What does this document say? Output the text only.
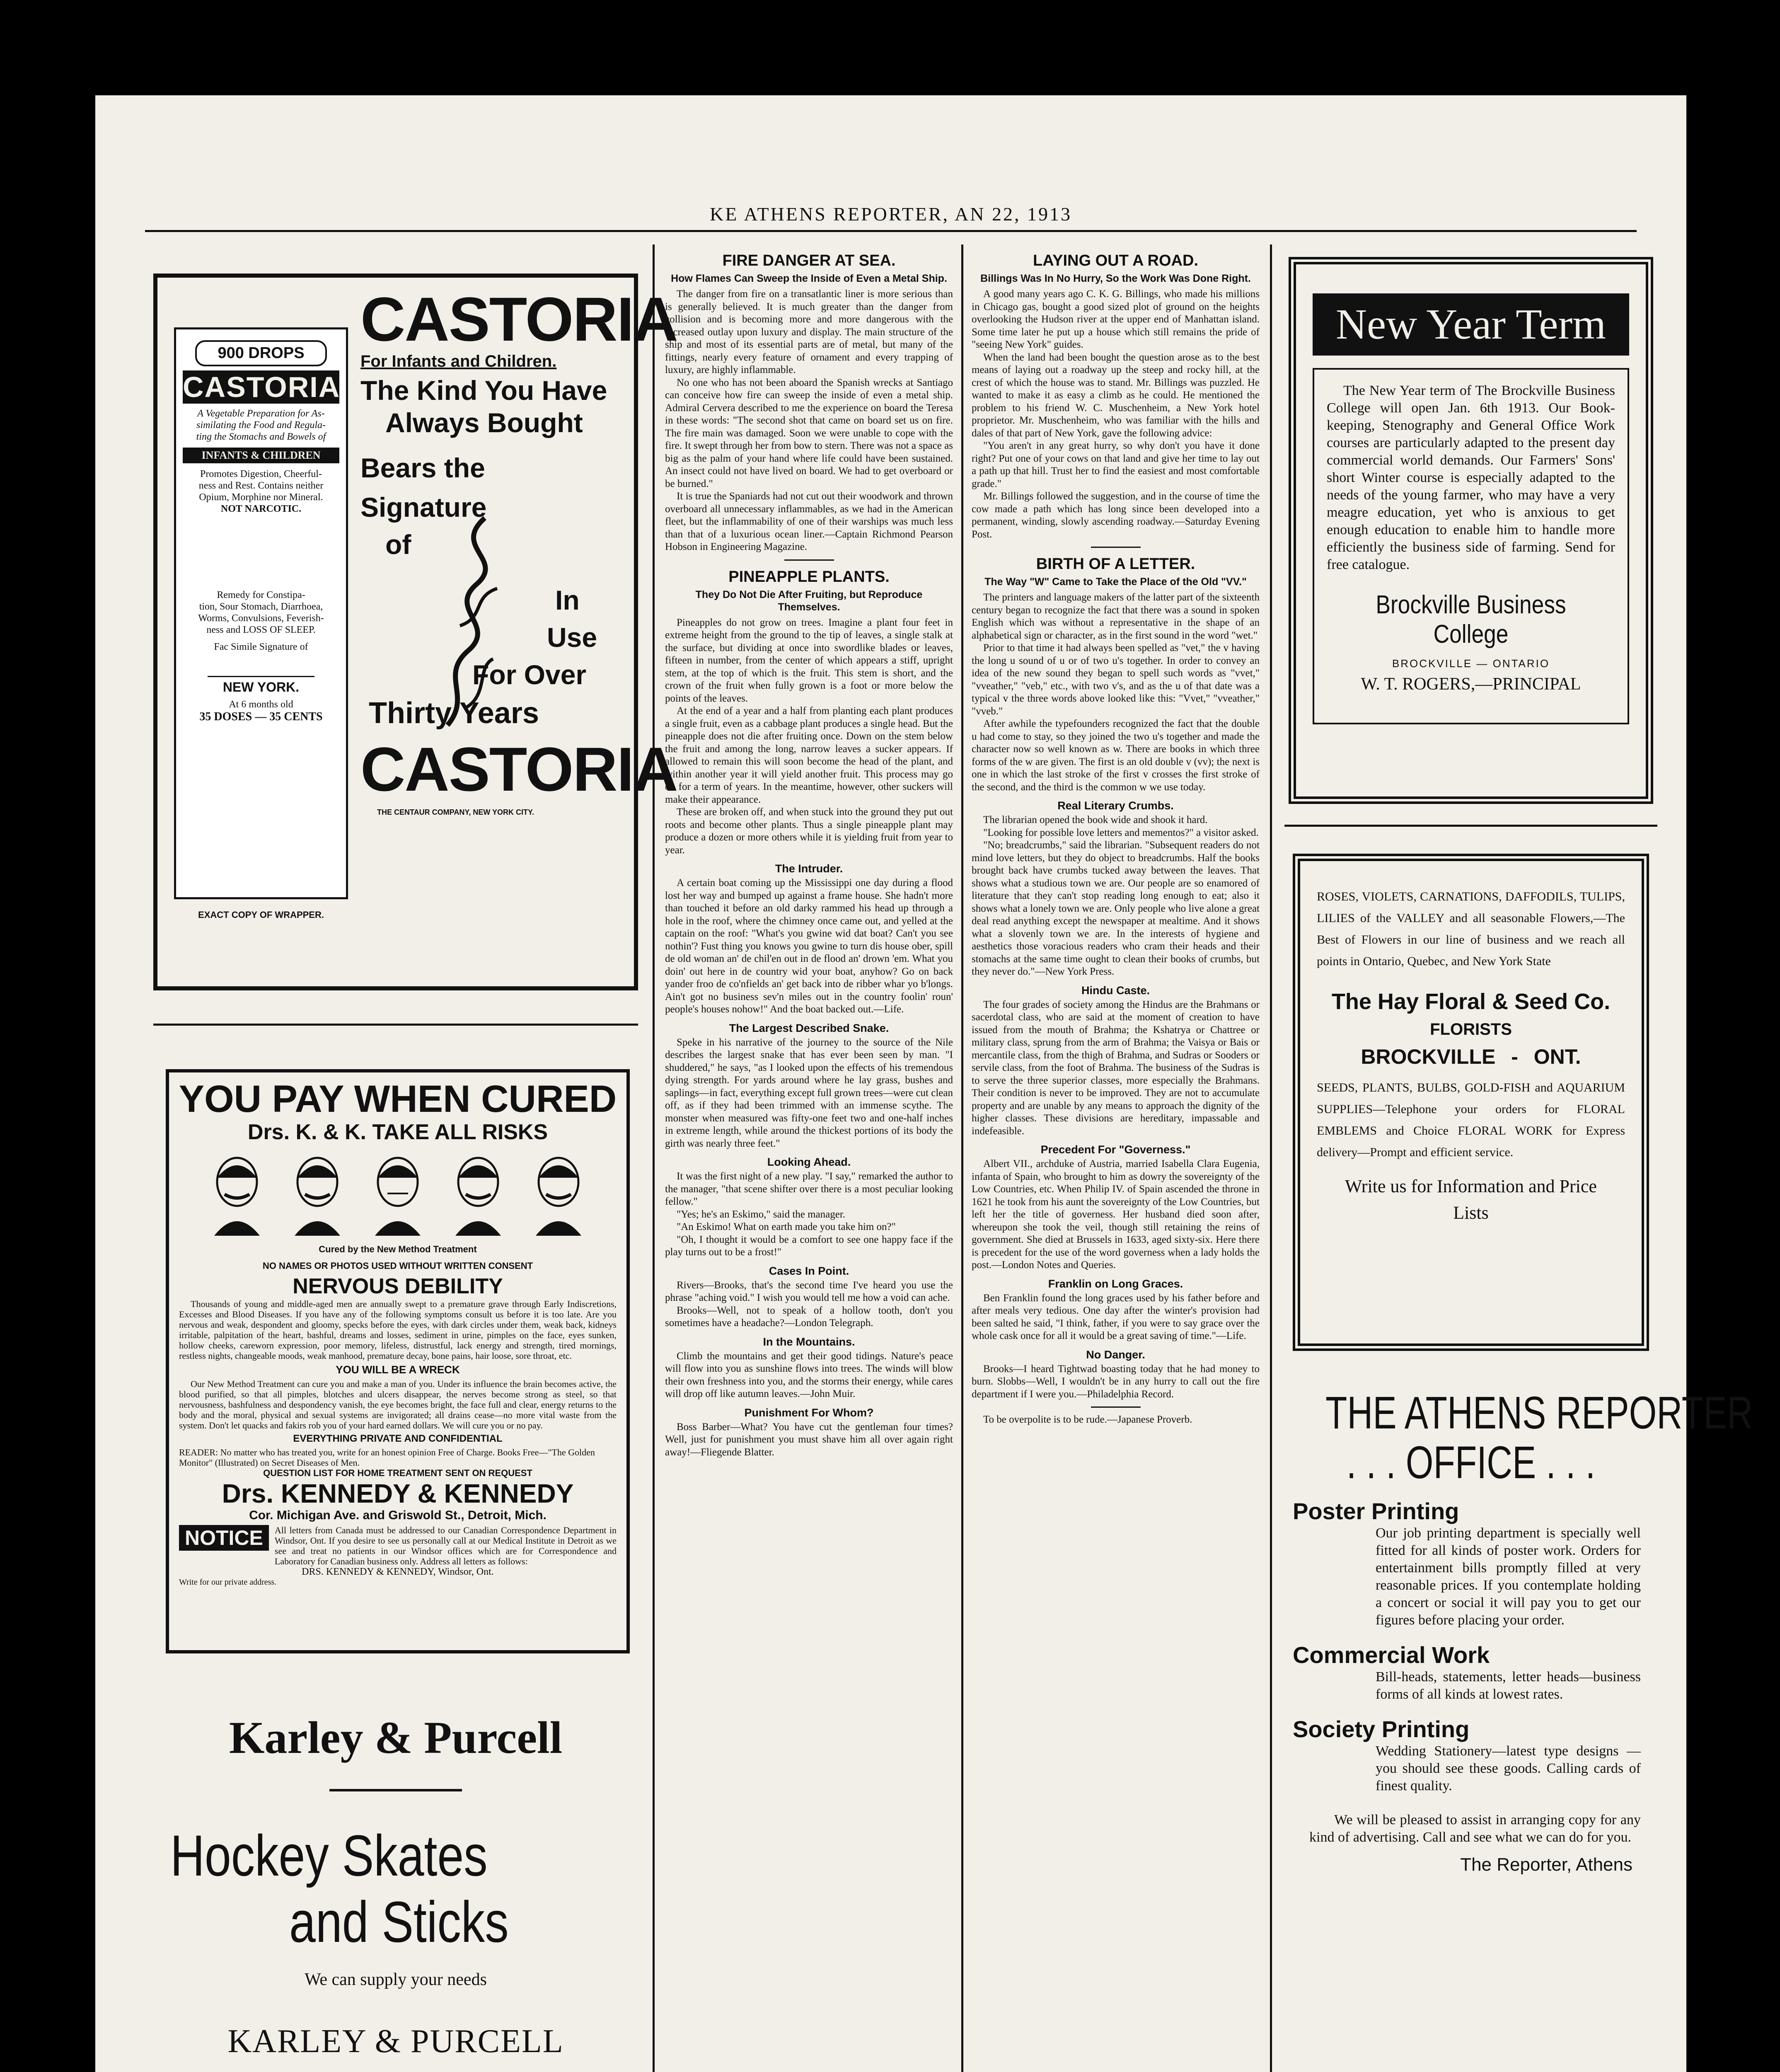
KE ATHENS REPORTER, AN 22, 1913
900 DROPS
CASTORIA
A Vegetable Preparation for As-
similating the Food and Regula-
ting the Stomachs and Bowels of
INFANTS & CHILDREN
Promotes Digestion, Cheerful-
ness and Rest. Contains neither
Opium, Morphine nor Mineral.
NOT NARCOTIC.
Remedy for Constipa-
tion, Sour Stomach, Diarrhoea,
Worms, Convulsions, Feverish-
ness and LOSS OF SLEEP.
Fac Simile Signature of
NEW YORK.
At 6 months old
35 DOSES — 35 CENTS
EXACT COPY OF WRAPPER.
CASTORIA
For Infants and Children.
The Kind You Have
Always Bought
Bears the
Signature
of
In
Use
For Over
Thirty Years
CASTORIA
THE CENTAUR COMPANY, NEW YORK CITY.
YOU PAY WHEN CURED
Drs. K. & K. TAKE ALL RISKS

Cured by the New Method Treatment
NO NAMES OR PHOTOS USED WITHOUT WRITTEN CONSENT
NERVOUS DEBILITY

Thousands of young and middle-aged men are annually swept to a premature grave through Early Indiscretions, Excesses and Blood Diseases. If you have any of the following symptoms consult us before it is too late. Are you nervous and weak, despondent and gloomy, specks before the eyes, with dark circles under them, weak back, kidneys irritable, palpitation of the heart, bashful, dreams and losses, sediment in urine, pimples on the face, eyes sunken, hollow cheeks, careworn expression, poor memory, lifeless, distrustful, lack energy and strength, tired mornings, restless nights, changeable moods, weak manhood, premature decay, bone pains, hair loose, sore throat, etc.

YOU WILL BE A WRECK

Our New Method Treatment can cure you and make a man of you. Under its influence the brain becomes active, the blood purified, so that all pimples, blotches and ulcers disappear, the nerves become strong as steel, so that nervousness, bashfulness and despondency vanish, the eye becomes bright, the face full and clear, energy returns to the body and the moral, physical and sexual systems are invigorated; all drains cease—no more vital waste from the system. Don't let quacks and fakirs rob you of your hard earned dollars. We will cure you or no pay.

EVERYTHING PRIVATE AND CONFIDENTIAL

READER: No matter who has treated you, write for an honest opinion Free of Charge. Books Free—"The Golden Monitor" (Illustrated) on Secret Diseases of Men.

QUESTION LIST FOR HOME TREATMENT SENT ON REQUEST
Drs. KENNEDY & KENNEDY
Cor. Michigan Ave. and Griswold St., Detroit, Mich.
NOTICE	All letters from Canada must be addressed to our Canadian Correspondence Department in Windsor, Ont. If you desire to see us personally call at our Medical Institute in Detroit as we see and treat no patients in our Windsor offices which are for Correspondence and Laboratory for Canadian business only. Address all letters as follows:

DRS. KENNEDY & KENNEDY, Windsor, Ont.
Write for our private address.
Karley & Purcell
Hockey Skates
and Sticks
We can supply your needs
KARLEY & PURCELL
FIRE DANGER AT SEA.
How Flames Can Sweep the Inside of Even a Metal Ship.

The danger from fire on a transatlantic liner is more serious than is generally believed. It is much greater than the danger from collision and is becoming more and more dangerous with the increased outlay upon luxury and display. The main structure of the ship and most of its essential parts are of metal, but many of the fittings, nearly every feature of ornament and every trapping of luxury, are highly inflammable.

No one who has not been aboard the Spanish wrecks at Santiago can conceive how fire can sweep the inside of even a metal ship. Admiral Cervera described to me the experience on board the Teresa in these words: "The second shot that came on board set us on fire. The fire main was damaged. Soon we were unable to cope with the fire. It swept through her from bow to stern. There was not a space as big as the palm of your hand where life could have been sustained. An insect could not have lived on board. We had to get overboard or be burned."

It is true the Spaniards had not cut out their woodwork and thrown overboard all unnecessary inflammables, as we had in the American fleet, but the inflammability of one of their warships was much less than that of a luxurious ocean liner.—Captain Richmond Pearson Hobson in Engineering Magazine.

PINEAPPLE PLANTS.
They Do Not Die After Fruiting, but Reproduce Themselves.

Pineapples do not grow on trees. Imagine a plant four feet in extreme height from the ground to the tip of leaves, a single stalk at the surface, but dividing at once into swordlike blades or leaves, fifteen in number, from the center of which appears a stiff, upright stem, at the top of which is the fruit. This stem is short, and the crown of the fruit when fully grown is a foot or more below the points of the leaves.

At the end of a year and a half from planting each plant produces a single fruit, even as a cabbage plant produces a single head. But the pineapple does not die after fruiting once. Down on the stem below the fruit and among the long, narrow leaves a sucker appears. If allowed to remain this will soon become the head of the plant, and within another year it will yield another fruit. This process may go on for a term of years. In the meantime, however, other suckers will make their appearance.

These are broken off, and when stuck into the ground they put out roots and become other plants. Thus a single pineapple plant may produce a dozen or more others while it is yielding fruit from year to year.

The Intruder.

A certain boat coming up the Mississippi one day during a flood lost her way and bumped up against a frame house. She hadn't more than touched it before an old darky rammed his head up through a hole in the roof, where the chimney once came out, and yelled at the captain on the roof: "What's you gwine wid dat boat? Can't you see nothin'? Fust thing you knows you gwine to turn dis house ober, spill de old woman an' de chil'en out in de flood an' drown 'em. What you doin' out here in de country wid your boat, anyhow? Go on back yander froo de co'nfields an' get back into de ribber whar yo b'longs. Ain't got no business sev'n miles out in the country foolin' roun' people's houses nohow!" And the boat backed out.—Life.

The Largest Described Snake.

Speke in his narrative of the journey to the source of the Nile describes the largest snake that has ever been seen by man. "I shuddered," he says, "as I looked upon the effects of his tremendous dying strength. For yards around where he lay grass, bushes and saplings—in fact, everything except full grown trees—were cut clean off, as if they had been trimmed with an immense scythe. The monster when measured was fifty-one feet two and one-half inches in extreme length, while around the thickest portions of its body the girth was nearly three feet."

Looking Ahead.

It was the first night of a new play. "I say," remarked the author to the manager, "that scene shifter over there is a most peculiar looking fellow."

"Yes; he's an Eskimo," said the manager.

"An Eskimo! What on earth made you take him on?"

"Oh, I thought it would be a comfort to see one happy face if the play turns out to be a frost!"

Cases In Point.

Rivers—Brooks, that's the second time I've heard you use the phrase "aching void." I wish you would tell me how a void can ache.

Brooks—Well, not to speak of a hollow tooth, don't you sometimes have a headache?—London Telegraph.

In the Mountains.

Climb the mountains and get their good tidings. Nature's peace will flow into you as sunshine flows into trees. The winds will blow their own freshness into you, and the storms their energy, while cares will drop off like autumn leaves.—John Muir.

Punishment For Whom?

Boss Barber—What? You have cut the gentleman four times? Well, just for punishment you must shave him all over again right away!—Fliegende Blatter.

LAYING OUT A ROAD.
Billings Was In No Hurry, So the Work Was Done Right.

A good many years ago C. K. G. Billings, who made his millions in Chicago gas, bought a good sized plot of ground on the heights overlooking the Hudson river at the upper end of Manhattan island. Some time later he put up a house which still remains the pride of "seeing New York" guides.

When the land had been bought the question arose as to the best means of laying out a roadway up the steep and rocky hill, at the crest of which the house was to stand. Mr. Billings was puzzled. He wanted to make it as easy a climb as he could. He mentioned the problem to his friend W. C. Muschenheim, a New York hotel proprietor. Mr. Muschenheim, who was familiar with the hills and dales of that part of New York, gave the following advice:

"You aren't in any great hurry, so why don't you have it done right? Put one of your cows on that land and give her time to lay out a path up that hill. Trust her to find the easiest and most comfortable grade."

Mr. Billings followed the suggestion, and in the course of time the cow made a path which has long since been developed into a permanent, winding, slowly ascending roadway.—Saturday Evening Post.

BIRTH OF A LETTER.
The Way "W" Came to Take the Place of the Old "VV."

The printers and language makers of the latter part of the sixteenth century began to recognize the fact that there was a sound in spoken English which was without a representative in the shape of an alphabetical sign or character, as in the first sound in the word "wet."

Prior to that time it had always been spelled as "vet," the v having the long u sound of u or of two u's together. In order to convey an idea of the new sound they began to spell such words as "vvet," "vveather," "veb," etc., with two v's, and as the u of that date was a typical v the three words above looked like this: "Vvet," "vveather," "vveb."

After awhile the typefounders recognized the fact that the double u had come to stay, so they joined the two u's together and made the character now so well known as w. There are books in which three forms of the w are given. The first is an old double v (vv); the next is one in which the last stroke of the first v crosses the first stroke of the second, and the third is the common w we use today.

Real Literary Crumbs.

The librarian opened the book wide and shook it hard.

"Looking for possible love letters and mementos?" a visitor asked.

"No; breadcrumbs," said the librarian. "Subsequent readers do not mind love letters, but they do object to breadcrumbs. Half the books brought back have crumbs tucked away between the leaves. That shows what a studious town we are. Our people are so enamored of literature that they can't stop reading long enough to eat; also it shows what a lonely town we are. Only people who live alone a great deal read anything except the newspaper at mealtime. And it shows what a slovenly town we are. In the interests of hygiene and aesthetics those voracious readers who cram their heads and their stomachs at the same time ought to clean their books of crumbs, but they never do."—New York Press.

Hindu Caste.

The four grades of society among the Hindus are the Brahmans or sacerdotal class, who are said at the moment of creation to have issued from the mouth of Brahma; the Kshatrya or Chattree or military class, sprung from the arm of Brahma; the Vaisya or Bais or mercantile class, from the thigh of Brahma, and Sudras or Sooders or servile class, from the foot of Brahma. The business of the Sudras is to serve the three superior classes, more especially the Brahmans. Their condition is never to be improved. They are not to accumulate property and are unable by any means to approach the dignity of the higher classes. These divisions are hereditary, impassable and indefeasible.

Precedent For "Governess."

Albert VII., archduke of Austria, married Isabella Clara Eugenia, infanta of Spain, who brought to him as dowry the sovereignty of the Low Countries, etc. When Philip IV. of Spain ascended the throne in 1621 he took from his aunt the sovereignty of the Low Countries, but left her the title of governess. Her husband died soon after, whereupon she took the veil, though still retaining the reins of government. She died at Brussels in 1633, aged sixty-six. Here there is precedent for the use of the word governess when a lady holds the post.—London Notes and Queries.

Franklin on Long Graces.

Ben Franklin found the long graces used by his father before and after meals very tedious. One day after the winter's provision had been salted he said, "I think, father, if you were to say grace over the whole cask once for all it would be a great saving of time."—Life.

No Danger.

Brooks—I heard Tightwad boasting today that he had money to burn. Slobbs—Well, I wouldn't be in any hurry to call out the fire department if I were you.—Philadelphia Record.

To be overpolite is to be rude.—Japanese Proverb.

New Year Term

The New Year term of The Brockville Business College will open Jan. 6th 1913. Our Book-keeping, Stenography and General Office Work courses are particularly adapted to the present day commercial world demands. Our Farmers' Sons' short Winter course is especially adapted to the needs of the young farmer, who may have a very meagre education, yet who is anxious to get enough education to enable him to handle more efficiently the business side of farming. Send for free catalogue.

Brockville Business College
BROCKVILLE — ONTARIO
W. T. ROGERS,—PRINCIPAL

ROSES, VIOLETS, CARNATIONS, DAFFODILS, TULIPS, LILIES of the VALLEY and all seasonable Flowers,—The Best of Flowers in our line of business and we reach all points in Ontario, Quebec, and New York State

The Hay Floral & Seed Co.
FLORISTS
BROCKVILLE - ONT.

SEEDS, PLANTS, BULBS, GOLD-FISH and AQUARIUM SUPPLIES—Telephone your orders for FLORAL EMBLEMS and Choice FLORAL WORK for Express delivery—Prompt and efficient service.

Write us for Information and Price Lists
THE ATHENS REPORTER
. . . OFFICE . . .
Poster Printing

Our job printing department is specially well fitted for all kinds of poster work. Orders for entertainment bills promptly filled at very reasonable prices. If you contemplate holding a concert or social it will pay you to get our figures before placing your order.

Commercial Work

Bill-heads, statements, letter heads—business forms of all kinds at lowest rates.

Society Printing

Wedding Stationery—latest type designs —you should see these goods. Calling cards of finest quality.

We will be pleased to assist in arranging copy for any kind of advertising. Call and see what we can do for you.

The Reporter, Athens
